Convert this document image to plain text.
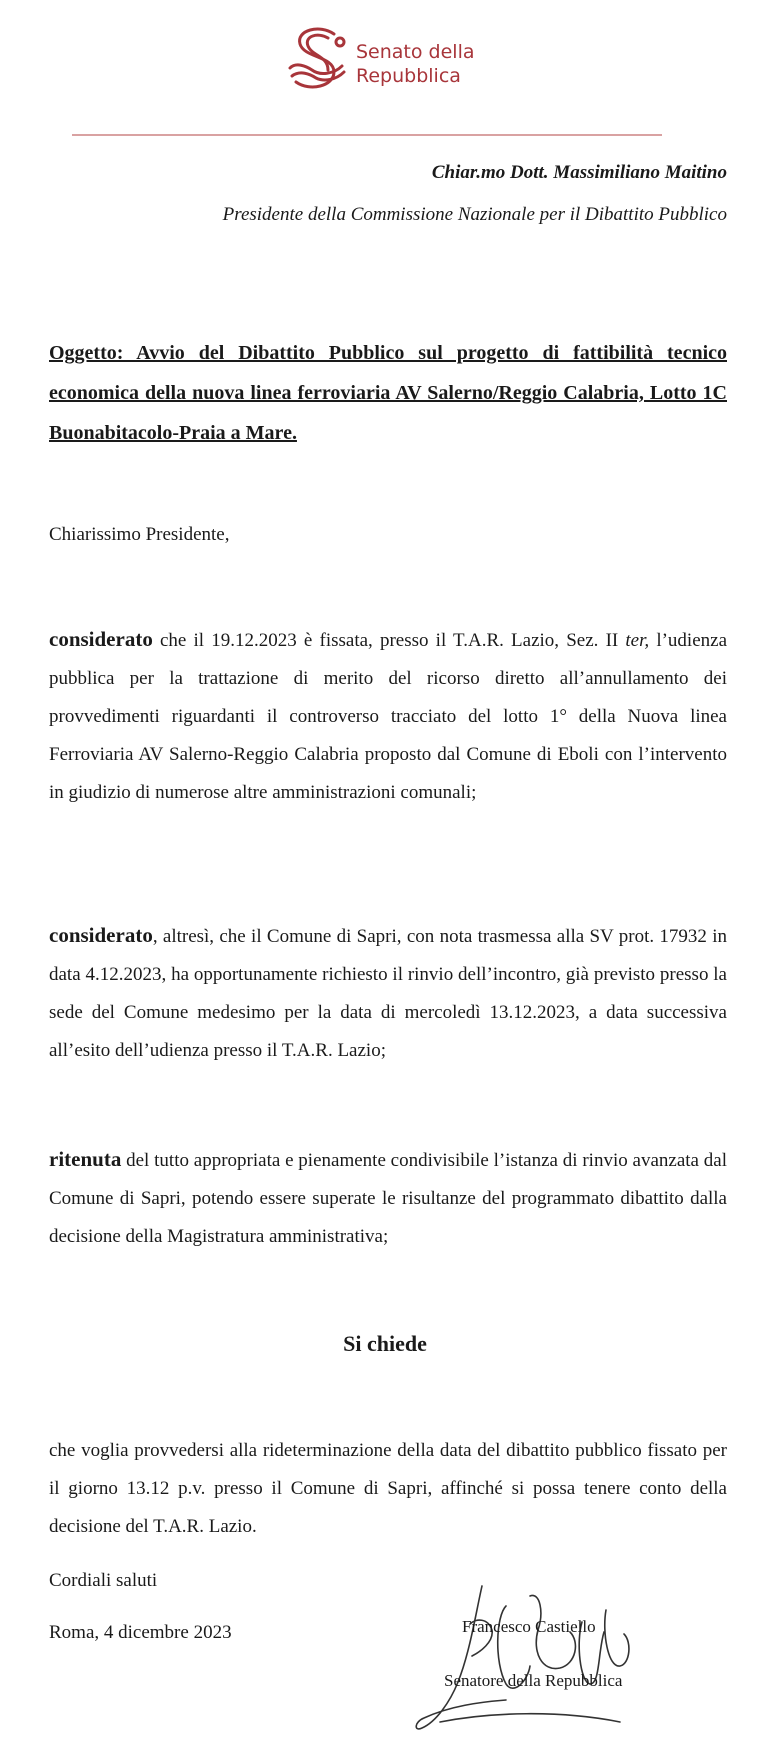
Senato della
Repubblica
Chiar.mo Dott. Massimiliano Maitino
Presidente della Commissione Nazionale per il Dibattito Pubblico
Oggetto: Avvio del Dibattito Pubblico sul progetto di fattibilità tecnico economica della nuova linea ferroviaria AV Salerno/Reggio Calabria, Lotto 1C Buonabitacolo-Praia a Mare.
Chiarissimo Presidente,
considerato che il 19.12.2023 è fissata, presso il T.A.R. Lazio, Sez. II ter, l’udienza pubblica per la trattazione di merito del ricorso diretto all’annullamento dei provvedimenti riguardanti il controverso tracciato del lotto 1° della Nuova linea Ferroviaria AV Salerno-Reggio Calabria proposto dal Comune di Eboli con l’intervento in giudizio di numerose altre amministrazioni comunali;
considerato, altresì, che il Comune di Sapri, con nota trasmessa alla SV prot. 17932 in data 4.12.2023, ha opportunamente richiesto il rinvio dell’incontro, già previsto presso la sede del Comune medesimo per la data di mercoledì 13.12.2023, a data successiva all’esito dell’udienza presso il T.A.R. Lazio;
ritenuta del tutto appropriata e pienamente condivisibile l’istanza di rinvio avanzata dal Comune di Sapri, potendo essere superate le risultanze del programmato dibattito dalla decisione della Magistratura amministrativa;
Si chiede
che voglia provvedersi alla rideterminazione della data del dibattito pubblico fissato per il giorno 13.12 p.v. presso il Comune di Sapri, affinché si possa tenere conto della decisione del T.A.R. Lazio.
Cordiali saluti
Roma, 4 dicembre 2023	Francesco Castiello
Senatore della Repubblica
